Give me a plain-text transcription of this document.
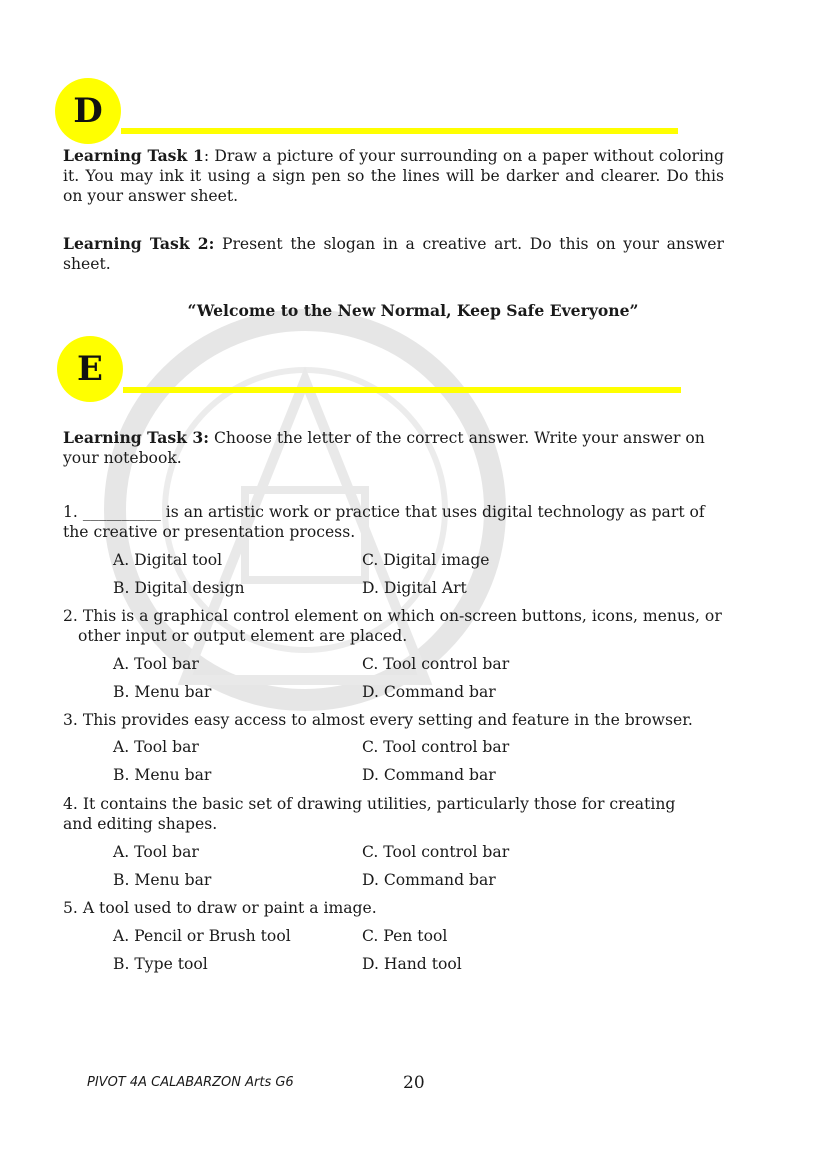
D
Learning Task 1: Draw a picture of your surrounding on a paper without coloring it. You may ink it using a sign pen so the lines will be darker and clearer. Do this on your answer sheet.
Learning Task 2: Present the slogan in a creative art. Do this on your answer sheet.
“Welcome to the New Normal, Keep Safe Everyone”
E
Learning Task 3: Choose the letter of the correct answer. Write your answer on your notebook.
1. __________ is an artistic work or practice that uses digital technology as part of the creative or presentation process.
A. Digital tool	C. Digital image
B. Digital design	D. Digital Art
2. This is a graphical control element on which on-screen buttons, icons, menus, or other input or output element are placed.
A. Tool bar	C. Tool control bar
B. Menu bar	D. Command bar
3. This provides easy access to almost every setting and feature in the browser.
A. Tool bar	C. Tool control bar
B. Menu bar	D. Command bar
4. It contains the basic set of drawing utilities, particularly those for creating and editing shapes.
A. Tool bar	C. Tool control bar
B. Menu bar	D. Command bar
5. A tool used to draw or paint a image.
A. Pencil or Brush tool	C. Pen tool
B. Type tool	D. Hand tool
PIVOT 4A CALABARZON Arts G6	20
